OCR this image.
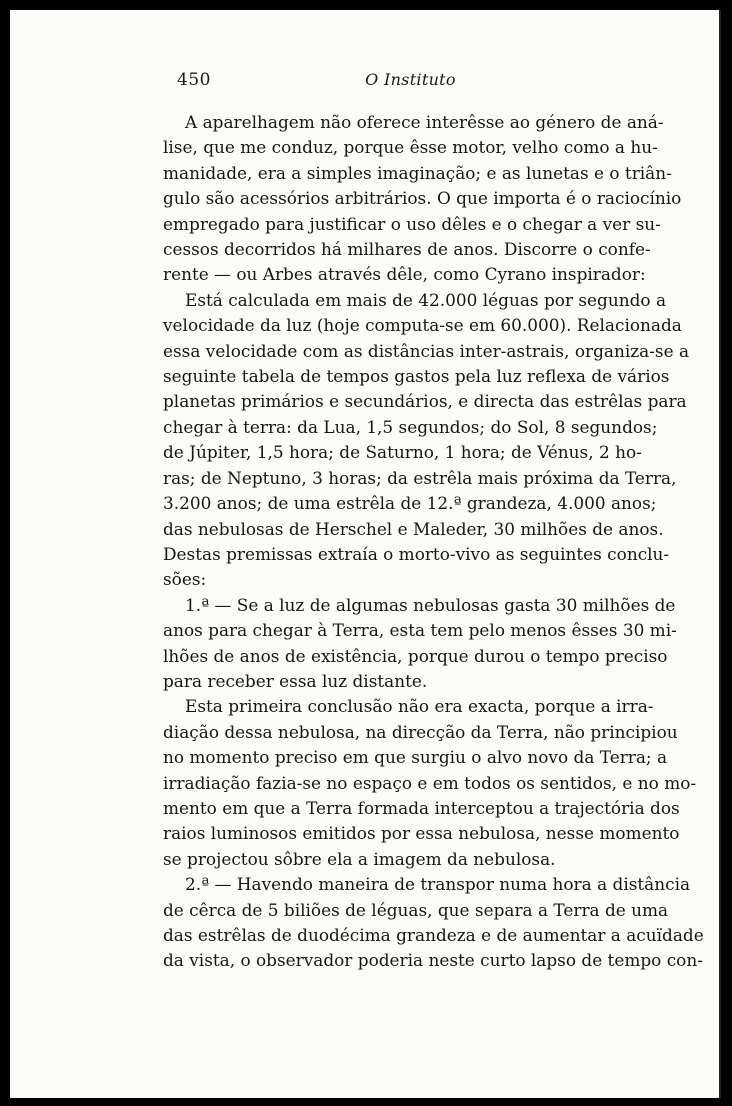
450	O Instituto
A aparelhagem não oferece interêsse ao género de aná-
lise, que me conduz, porque êsse motor, velho como a hu-
manidade, era a simples imaginação; e as lunetas e o triân-
gulo são acessórios arbitrários. O que importa é o raciocínio
empregado para justificar o uso dêles e o chegar a ver su-
cessos decorridos há milhares de anos. Discorre o confe-
rente — ou Arbes através dêle, como Cyrano inspirador:
Está calculada em mais de 42.000 léguas por segundo a
velocidade da luz (hoje computa-se em 60.000). Relacionada
essa velocidade com as distâncias inter-astrais, organiza-se a
seguinte tabela de tempos gastos pela luz reflexa de vários
planetas primários e secundários, e directa das estrêlas para
chegar à terra: da Lua, 1,5 segundos; do Sol, 8 segundos;
de Júpiter, 1,5 hora; de Saturno, 1 hora; de Vénus, 2 ho-
ras; de Neptuno, 3 horas; da estrêla mais próxima da Terra,
3.200 anos; de uma estrêla de 12.ª grandeza, 4.000 anos;
das nebulosas de Herschel e Maleder, 30 milhões de anos.
Destas premissas extraía o morto-vivo as seguintes conclu-
sões:
1.ª — Se a luz de algumas nebulosas gasta 30 milhões de
anos para chegar à Terra, esta tem pelo menos êsses 30 mi-
lhões de anos de existência, porque durou o tempo preciso
para receber essa luz distante.
Esta primeira conclusão não era exacta, porque a irra-
diação dessa nebulosa, na direcção da Terra, não principiou
no momento preciso em que surgiu o alvo novo da Terra; a
irradiação fazia-se no espaço e em todos os sentidos, e no mo-
mento em que a Terra formada interceptou a trajectória dos
raios luminosos emitidos por essa nebulosa, nesse momento
se projectou sôbre ela a imagem da nebulosa.
2.ª — Havendo maneira de transpor numa hora a distância
de cêrca de 5 biliões de léguas, que separa a Terra de uma
das estrêlas de duodécima grandeza e de aumentar a acuïdade
da vista, o observador poderia neste curto lapso de tempo con-
